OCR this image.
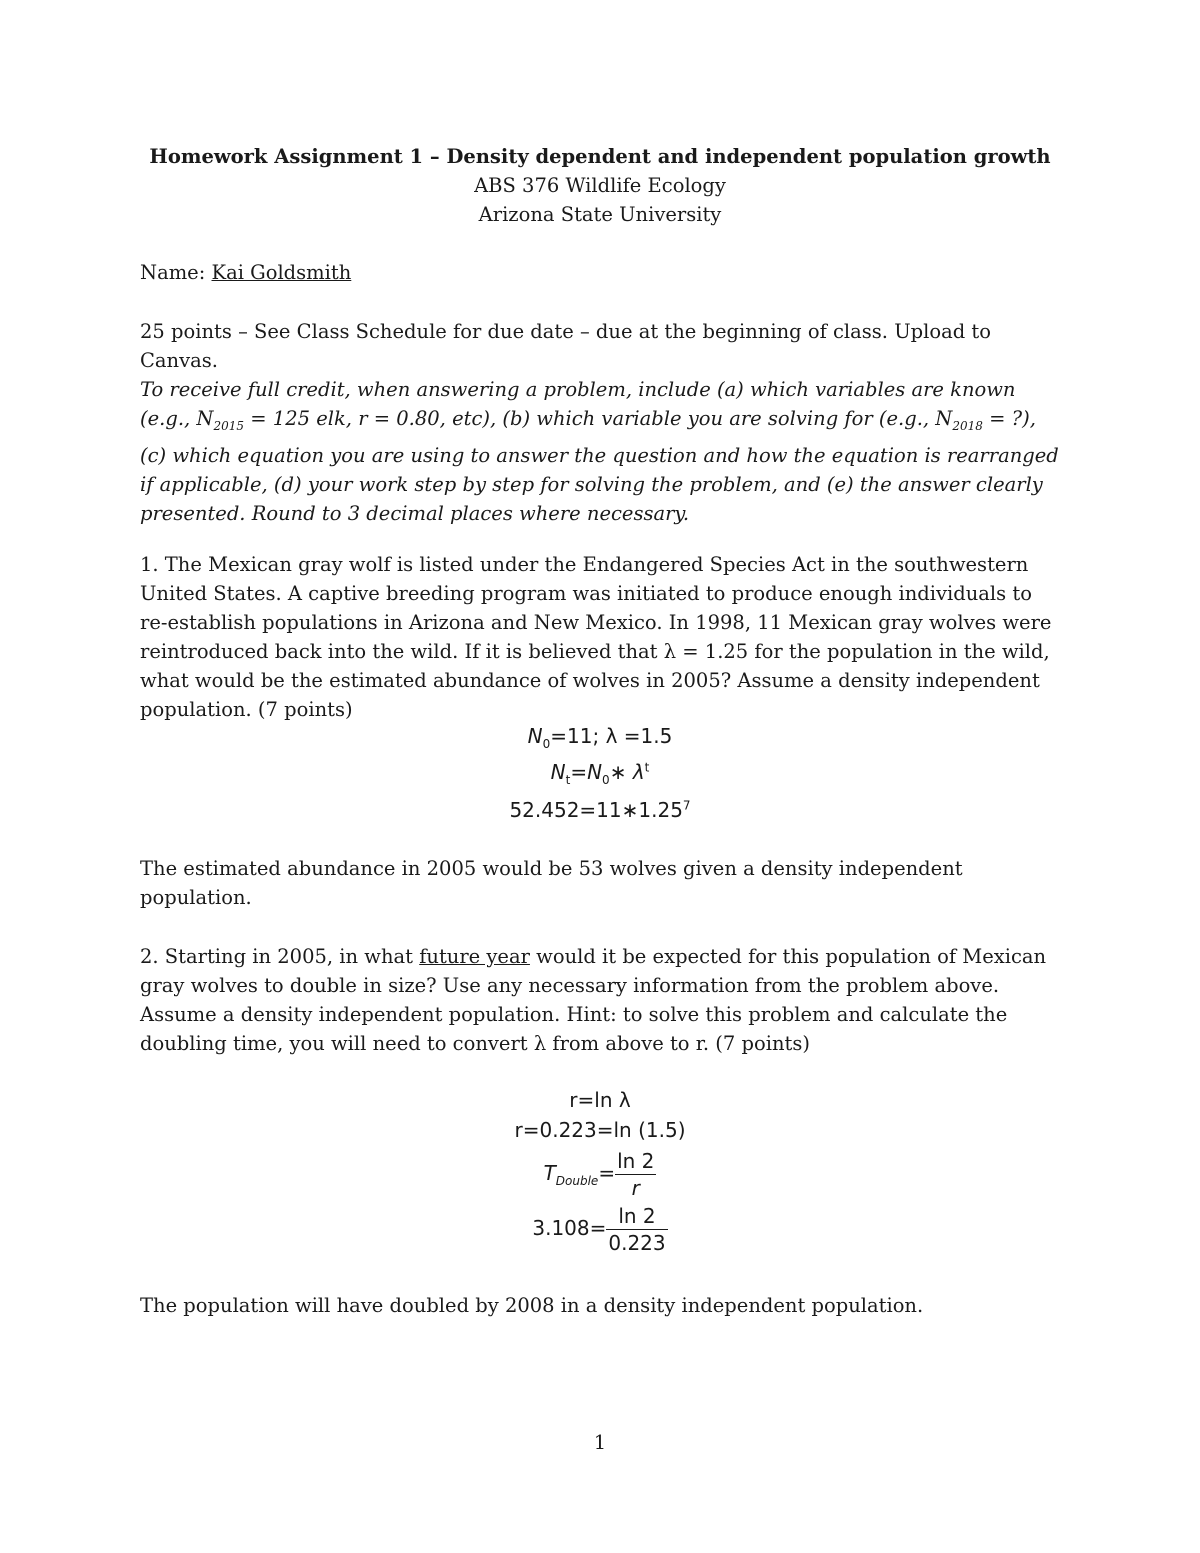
Homework Assignment 1 – Density dependent and independent population growth
ABS 376 Wildlife Ecology
Arizona State University
Name: Kai Goldsmith
25 points – See Class Schedule for due date – due at the beginning of class. Upload to Canvas.
To receive full credit, when answering a problem, include (a) which variables are known (e.g., $N_{2015} = 125$ elk, r = 0.80, etc), (b) which variable you are solving for (e.g., $N_{2018}$ = ?), (c) which equation you are using to answer the question and how the equation is rearranged if applicable, (d) your work step by step for solving the problem, and (e) the answer clearly presented. Round to 3 decimal places where necessary.
1. The Mexican gray wolf is listed under the Endangered Species Act in the southwestern United States. A captive breeding program was initiated to produce enough individuals to re-establish populations in Arizona and New Mexico. In 1998, 11 Mexican gray wolves were reintroduced back into the wild. If it is believed that λ = 1.25 for the population in the wild, what would be the estimated abundance of wolves in 2005? Assume a density independent population. (7 points)
$N_0=11$; λ =1.5
$N_t=N_0∗$ $\lambda^t$
$52.452=11∗1.25^7$
The estimated abundance in 2005 would be 53 wolves given a density independent population.
2. Starting in 2005, in what future year would it be expected for this population of Mexican gray wolves to double in size? Use any necessary information from the problem above. Assume a density independent population. Hint: to solve this problem and calculate the doubling time, you will need to convert λ from above to r. (7 points)
r=ln λ
r=0.223=ln (1.5)
$T_{Double}= \frac{\ln 2}{r}$
$3.108= \frac{\ln 2}{0.223}$
The population will have doubled by 2008 in a density independent population.
1
